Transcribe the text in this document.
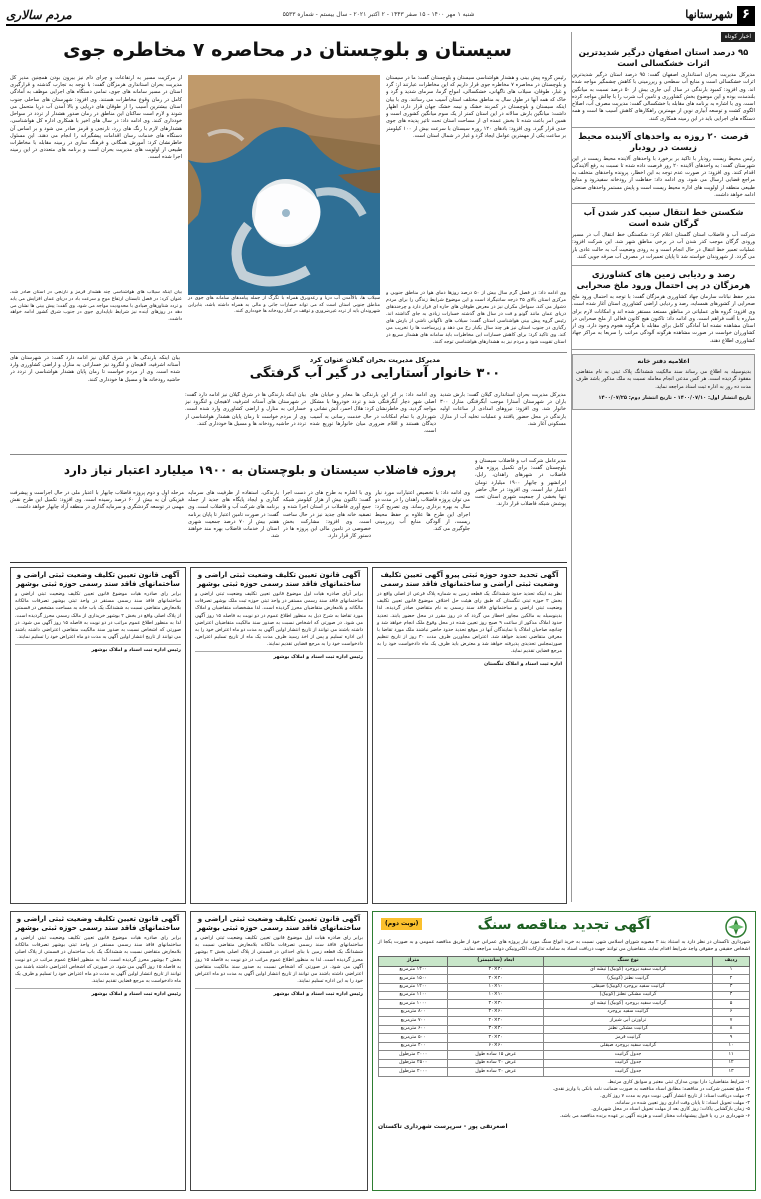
۶
شهرستانها
شنبه ۱ مهر ۱۴۰۰ - ۱۵ صفر ۱۴۴۳ - ۲ اکتبر ۲۰۲۱ - سال بیستم - شماره ۵۵۳۳
مردم سالاری
اخبار کوتاه
۹۵ درصد استان اصفهان درگیر شدیدترین اثرات خشکسالی است
مدیرکل مدیریت بحران استانداری اصفهان گفت: ۹۵ درصد استان درگیر شدیدترین اثرات خشکسالی است و منابع آب سطحی و زیرزمینی با کاهش چشمگیر مواجه شده اند. وی افزود: کمبود بارندگی در سال آبی جاری بیش از ۵۰ درصد نسبت به میانگین بلندمدت بوده و این موضوع بخش کشاورزی و تامین آب شرب را با چالش مواجه کرده است. وی با اشاره به برنامه های مقابله با خشکسالی گفت: مدیریت مصرف آب، اصلاح الگوی کشت و توسعه آبیاری نوین از مهمترین راهکارهای کاهش آسیب ها است و همه دستگاه های اجرایی باید در این زمینه همکاری کنند.
فرصت ۲۰ روزه به واحدهای آلاینده محیط زیست در رودبار
رئیس محیط زیست رودبار با تاکید بر برخورد با واحدهای آلاینده محیط زیست در این شهرستان گفت: به واحدهای آلاینده ۲۰ روز فرصت داده شده تا نسبت به رفع آلایندگی اقدام کنند. وی افزود: در صورت عدم توجه به این اخطار، پرونده واحدهای متخلف به مراجع قضایی ارسال می شود. وی ادامه داد: حفاظت از رودخانه سفیدرود و منابع طبیعی منطقه از اولویت های اداره محیط زیست است و پایش مستمر واحدهای صنعتی ادامه خواهد داشت.
شکستن خط انتقال سیب کدر شدن آب گرگان شده است
شرکت آب و فاضلاب استان گلستان اعلام کرد: شکستگی خط انتقال آب در مسیر ورودی گرگان موجب کدر شدن آب در برخی مناطق شهر شد. این شرکت افزود: عملیات تعمیر خط انتقال در حال انجام است و به زودی وضعیت آب به حالت عادی باز می گردد. از شهروندان خواسته شد تا پایان تعمیرات در مصرف آب صرفه جویی کنند.
رصد و ردیابی زمین های کشاورزی هرمزگان در پی احتمال ورود ملخ صحرایی
مدیر حفظ نباتات سازمان جهاد کشاورزی هرمزگان گفت: با توجه به احتمال ورود ملخ صحرایی از کشورهای همسایه، رصد و ردیابی اراضی کشاورزی استان آغاز شده است. وی افزود: گروه های عملیاتی در مناطق مستعد مستقر شده اند و امکانات لازم برای مبارزه با آفت فراهم است. وی ادامه داد: تاکنون هیچ کانون فعالی از ملخ صحرایی در استان مشاهده نشده اما آمادگی کامل برای مقابله با هرگونه هجوم وجود دارد. وی از کشاورزان خواست در صورت مشاهده هرگونه آلودگی مراتب را سریعا به مراکز جهاد کشاورزی اطلاع دهند.
اعلامیه دفتر خانه
بدینوسیله به اطلاع می رساند سند مالکیت ششدانگ پلاک ثبتی به نام متقاضی مفقود گردیده است. هر کس مدعی انجام معامله نسبت به ملک مذکور باشد ظرف مدت ده روز به اداره ثبت اسناد مراجعه نماید.
تاریخ انتشار اول: ۱۴۰۰/۰۷/۱۰ - تاریخ انتشار دوم: ۱۴۰۰/۰۷/۲۵
سیستان و بلوچستان در محاصره ۷ مخاطره جوی
رئیس گروه پیش بینی و هشدار هواشناسی سیستان و بلوچستان گفت: ما در سیستان و بلوچستان در محاصره ۷ مخاطره جوی قرار داریم که این مخاطرات عبارتند از: گرد و غبار، طوفان، سیلاب های ناگهانی، خشکسالی، امواج گرما، سرمای شدید و گرد و خاک که همه آنها در طول سال به مناطق مختلف استان آسیب می رسانند. وی با بیان اینکه سیستان و بلوچستان در کمربند خشک و نیمه خشک جهان قرار دارد، اظهار داشت: میانگین بارش سالانه در این استان کمتر از یک سوم میانگین کشوری است و همین امر باعث شده تا بخش عمده ای از مساحت استان تحت تاثیر پدیده های جوی حدی قرار گیرد. وی افزود: بادهای ۱۲۰ روزه سیستان با سرعت بیش از ۱۰۰ کیلومتر بر ساعت یکی از مهمترین عوامل ایجاد گرد و غبار در شمال استان است.
از مرکزیت مسیر به ارتفاعات و چرای دام نیز بیرون بودن همچنین مدیر کل مدیریت بحران استانداری هرمزگان گفت: با توجه به تجارب گذشته و قرارگیری استان در مسیر سامانه های جوی، تمامی دستگاه های اجرایی موظف به آمادگی کامل در زمان وقوع مخاطرات هستند. وی افزود: شهرستان های ساحلی جنوب استان بیشترین آسیب را از طوفان های دریایی و بالا آمدن آب دریا متحمل می شوند و لازم است ساکنان این مناطق در زمان صدور هشدار از تردد در سواحل خودداری کنند. وی ادامه داد: در سال های اخیر با همکاری اداره کل هواشناسی، هشدارهای لازم با رنگ های زرد، نارنجی و قرمز صادر می شود و بر اساس آن دستگاه های خدمات رسان اقدامات پیشگیرانه را انجام می دهند. این مسئول خاطرنشان کرد: آموزش همگانی و فرهنگ سازی در زمینه مقابله با مخاطرات طبیعی از اولویت های مدیریت بحران است و برنامه های متعددی در این زمینه اجرا شده است.
سیلاب ها، بالاآمدن آب دریا و رعدوبرق همراه با تگرگ از جمله پیامدهای سامانه های جوی در مناطق جنوبی استان است که می تواند خسارات جانی و مالی به همراه داشته باشد، بنابراین شهروندان باید از تردد غیرضروری و توقف در کنار رودخانه ها خودداری کنند.
وی ادامه داد: در فصل گرم سال بیش از ۵۰ درصد روزها دمای هوا در مناطق جنوبی و مرکزی استان بالای ۴۵ درجه سانتیگراد است و این موضوع شرایط زندگی را برای مردم دشوار می کند. سواحل مکران نیز در معرض طوفان های حاره ای قرار دارد و چرخندهای دریای عمان مانند گونو و فت در سال های گذشته خسارات زیادی به جای گذاشته اند. رئیس گروه پیش بینی هواشناسی استان گفت: سیلاب های ناگهانی ناشی از بارش های رگباری در جنوب استان نیز هر چند سال یکبار رخ می دهد و زیرساخت ها را تخریب می کند. وی تاکید کرد: برای کاهش خسارات این مخاطرات باید سامانه های هشدار سریع در استان تقویت شود و مردم نیز به هشدارهای هواشناسی توجه کنند.
بیان اینکه سیلاب های هواشناسی چند هشدار قرمز و نارنجی در استان صادر شد، عنوان کرد: در فصل تابستان ارتفاع موج و سرعت باد در دریای عمان افزایش می یابد و تردد شناورهای صیادی با محدودیت مواجه می شود. وی گفت: پیش بینی ها نشان می دهد در روزهای آینده نیز شرایط ناپایداری جوی در جنوب شرق کشور ادامه خواهد داشت.
مدیرکل مدیریت بحران گیلان عنوان کرد
۳۰۰ خانوار آستارایی در گیر آب گرفتگی
بیان اینکه بارندگی ها در شرق گیلان نیز ادامه دارد گفت: در شهرستان های آستانه اشرفیه، لاهیجان و لنگرود نیز خساراتی به منازل و اراضی کشاورزی وارد شده است. وی از مردم خواست تا زمان پایان هشدار هواشناسی از تردد در حاشیه رودخانه ها و مسیل ها خودداری کنند.
مدیرکل مدیریت بحران استانداری گیلان گفت: بارش شدید باران در شهرستان آستارا موجب آبگرفتگی منازل ۳۰۰ خانوار شد. وی افزود: نیروهای امدادی از ساعات اولیه بارندگی در محل حضور یافتند و عملیات تخلیه آب از منازل مسکونی آغاز شد.
وی ادامه داد: بر اثر این بارندگی ها معابر و خیابان های اصلی شهر دچار آبگرفتگی شد و تردد خودروها با مشکل مواجه گردید. وی خاطرنشان کرد: هلال احمر، آتش نشانی و شهرداری با تمام امکانات در حال خدمت رسانی به آسیب دیدگان هستند و اقلام ضروری میان خانوارها توزیع شده است.
بیان اینکه بارندگی ها در شرق گیلان نیز ادامه دارد گفت: در شهرستان های آستانه اشرفیه، لاهیجان و لنگرود نیز خساراتی به منازل و اراضی کشاورزی وارد شده است. وی از مردم خواست تا زمان پایان هشدار هواشناسی از تردد در حاشیه رودخانه ها و مسیل ها خودداری کنند.
پروژه فاضلاب سیستان و بلوچستان به ۱۹۰۰ میلیارد اعتبار نیاز دارد
مدیرعامل شرکت آب و فاضلاب سیستان و بلوچستان گفت: برای تکمیل پروژه های فاضلاب در شهرهای زاهدان، زابل، ایرانشهر و چابهار ۱۹۰۰ میلیارد تومان اعتبار نیاز است. وی افزود: در حال حاضر تنها بخشی از جمعیت شهری استان تحت پوشش شبکه فاضلاب قرار دارند.
وی ادامه داد: با تخصیص اعتبارات مورد نیاز می توان پروژه فاضلاب زاهدان را در مدت دو سال به بهره برداری رساند. وی تصریح کرد: اجرای این طرح ها علاوه بر حفظ محیط زیست، از آلودگی منابع آب زیرزمینی جلوگیری می کند.
وی با اشاره به طرح های در دست اجرا گفت: تاکنون بیش از هزار کیلومتر شبکه جمع آوری فاضلاب در استان اجرا شده و تصفیه خانه های جدید نیز در حال ساخت است. وی افزود: مشارکت بخش خصوصی در تامین مالی این پروژه ها در دستور کار قرار دارد.
بارندگی، استفاده از ظرفیت های سرمایه گذاری و ایجاد پایگاه های جدید از جمله برنامه های شرکت آب و فاضلاب است. وی گفت: در صورت تامین اعتبار تا پایان برنامه هفتم بیش از ۷۰ درصد جمعیت شهری استان از خدمات فاضلاب بهره مند خواهند شد.
مرحله اول و دوم پروژه فاضلاب چابهار با اعتبار ملی در حال اجراست و پیشرفت فیزیکی آن به بیش از ۶۰ درصد رسیده است. وی افزود: تکمیل این طرح نقش مهمی در توسعه گردشگری و سرمایه گذاری در منطقه آزاد چابهار خواهد داشت.
آگهی تحدید حدود حوزه ثبتی پیرو آگهی تعیین تکلیف وضعیت ثبتی اراضی و ساختمانهای فاقد سند رسمی
نظر به اینکه تحدید حدود ششدانگ یک قطعه زمین به شماره پلاک فرعی از اصلی واقع در بخش ۲ حوزه ثبتی تنگستان که طبق رای هیئت حل اختلاف موضوع قانون تعیین تکلیف وضعیت ثبتی اراضی و ساختمانهای فاقد سند رسمی به نام متقاضی صادر گردیده، لذا بدینوسیله به مالکین مجاور اخطار می گردد که در روز مقرر در محل حضور یابند. تحدید حدود املاک مذکور از ساعت ۹ صبح روز تعیین شده در محل وقوع ملک انجام خواهد شد و چنانچه صاحبان املاک یا نمایندگان آنها در موقع تحدید حدود حاضر نباشند ملک مورد تقاضا با معرفی متقاضی تحدید خواهد شد. اعتراض مجاورین ظرف مدت ۳۰ روز از تاریخ تنظیم صورتمجلس تحدیدی پذیرفته خواهد شد و معترض باید ظرف یک ماه دادخواست خود را به مرجع قضایی تقدیم نماید.
اداره ثبت اسناد و املاک تنگستان
آگهی قانون تعیین تکلیف وضعیت ثبتی اراضی و ساختمانهای فاقد سند رسمی حوزه ثبتی بوشهر
برابر آرای صادره هیات اول موضوع قانون تعیین تکلیف وضعیت ثبتی اراضی و ساختمانهای فاقد سند رسمی مستقر در واحد ثبتی حوزه ثبت ملک بوشهر تصرفات مالکانه و بلامعارض متقاضیان محرز گردیده است. لذا مشخصات متقاضیان و املاک مورد تقاضا به شرح ذیل به منظور اطلاع عموم در دو نوبت به فاصله ۱۵ روز آگهی می شود. در صورتی که اشخاص نسبت به صدور سند مالکیت متقاضیان اعتراضی داشته باشند می توانند از تاریخ انتشار اولین آگهی به مدت دو ماه اعتراض خود را به این اداره تسلیم و پس از اخذ رسید ظرف مدت یک ماه از تاریخ تسلیم اعتراض، دادخواست خود را به مرجع قضایی تقدیم نمایند.
رئیس اداره ثبت اسناد و املاک بوشهر
آگهی قانون تعیین تکلیف وضعیت ثبتی اراضی و ساختمانهای فاقد سند رسمی حوزه ثبتی بوشهر
برابر رای صادره هیات موضوع قانون تعیین تکلیف وضعیت ثبتی اراضی و ساختمانهای فاقد سند رسمی مستقر در واحد ثبتی بوشهر تصرفات مالکانه بلامعارض متقاضی نسبت به ششدانگ یک باب خانه به مساحت مشخص در قسمتی از پلاک اصلی واقع در بخش ۲ بوشهر خریداری از مالک رسمی محرز گردیده است. لذا به منظور اطلاع عموم مراتب در دو نوبت به فاصله ۱۵ روز آگهی می شود. در صورتی که اشخاص نسبت به صدور سند مالکیت متقاضی اعتراضی داشته باشند می توانند از تاریخ انتشار اولین آگهی به مدت دو ماه اعتراض خود را تسلیم نمایند.
رئیس اداره ثبت اسناد و املاک بوشهر
آگهی قانون تعیین تکلیف وضعیت ثبتی اراضی و ساختمانهای فاقد سند رسمی حوزه ثبتی بوشهر
برابر رای صادره هیات اول موضوع قانون تعیین تکلیف وضعیت ثبتی اراضی و ساختمانهای فاقد سند رسمی تصرفات مالکانه بلامعارض متقاضی نسبت به ششدانگ یک قطعه زمین با بنای احداثی در قسمتی از پلاک اصلی بخش ۲ بوشهر محرز گردیده است. لذا به منظور اطلاع عموم مراتب در دو نوبت به فاصله ۱۵ روز آگهی می شود. در صورتی که اشخاص نسبت به صدور سند مالکیت متقاضی اعتراضی داشته باشند می توانند از تاریخ انتشار اولین آگهی به مدت دو ماه اعتراض خود را به این اداره تسلیم نمایند.
رئیس اداره ثبت اسناد و املاک بوشهر
آگهی قانون تعیین تکلیف وضعیت ثبتی اراضی و ساختمانهای فاقد سند رسمی حوزه ثبتی بوشهر
برابر رای صادره هیات موضوع قانون تعیین تکلیف وضعیت ثبتی اراضی و ساختمانهای فاقد سند رسمی مستقر در واحد ثبتی بوشهر تصرفات مالکانه بلامعارض متقاضی نسبت به ششدانگ یک باب ساختمان در قسمتی از پلاک اصلی بخش ۲ بوشهر محرز گردیده است. لذا به منظور اطلاع عموم مراتب در دو نوبت به فاصله ۱۵ روز آگهی می شود. در صورتی که اشخاص اعتراضی داشته باشند می توانند از تاریخ انتشار اولین آگهی به مدت دو ماه اعتراض خود را تسلیم و ظرف یک ماه دادخواست به مرجع قضایی تقدیم نمایند.
رئیس اداره ثبت اسناد و املاک بوشهر
(نوبت دوم)	آگهی تجدید مناقصه سنگ
شهرداری تاکستان در نظر دارد به استناد بند ۲ مصوبه شورای اسلامی شهر، نسبت به خرید انواع سنگ مورد نیاز پروژه های عمرانی خود از طریق مناقصه عمومی و به صورت یکجا از اشخاص حقیقی و حقوقی واجد شرایط اقدام نماید. متقاضیان می توانند جهت دریافت اسناد به سامانه تدارکات الکترونیکی دولت مراجعه نمایند.
ردیف	نوع سنگ	ابعاد (سانتیمتر)	متراژ
۱	گرانیت سفید بروجرد (کوبیک) تیشه ای	۴۰×۴۰	۱۴۰۰ مترمربع
۲	گرانیت نطنز (کوبیک)	۴۰×۴۰	۱۵۰۰ مترمربع
۳	گرانیت سفید بروجرد (کوبیک) صیقلی	۱۰×۱۰	۱۲۰۰ مترمربع
۴	گرانیت مشکی نطنز (کوبیک)	۱۰×۱۰	۱۱۰۰ مترمربع
۵	گرانیت سفید بروجرد (کوبیک) تیشه ای	۳۰×۳۰	۱۰۰۰ مترمربع
۶	گرانیت سفید بروجرد	۶۰×۴۰	۸۰۰ مترمربع
۷	تراورتن آبی شیراز	۲۰×۲۰	۷۰۰ مترمربع
۸	گرانیت مشکی نطنز	۴۰×۳۰	۶۰۰ مترمربع
۹	گرانیت قرمز	۴۰×۴۰	۵۰۰ مترمربع
۱۰	گرانیت سفید بروجرد صیقلی	۶۰×۶۰	۴۰۰ مترمربع
۱۱	جدول گرانیت	عرض ۱۵ ساده طول	۳۰۰۰ مترطول
۱۲	جدول گرانیت	عرض ۲۰ ساده طول	۲۵۰۰ مترطول
۱۳	جدول گرانیت	عرض ۳۰ ساده طول	۲۰۰۰ مترطول
۱- شرایط متقاضیان: دارا بودن مدارک ثبتی معتبر و سوابق کاری مرتبط.
۲- مبلغ تضمین شرکت در مناقصه: مطابق اسناد مناقصه به صورت ضمانت نامه بانکی یا واریز نقدی.
۳- مهلت دریافت اسناد: از تاریخ انتشار آگهی نوبت دوم به مدت ۷ روز کاری.
۴- مهلت تحویل اسناد: تا پایان وقت اداری روز تعیین شده در سامانه.
۵- زمان بازگشایی پاکات: روز کاری بعد از مهلت تحویل اسناد در محل شهرداری.
۶- شهرداری در رد یا قبول پیشنهادات مختار است و هزینه آگهی بر عهده برنده مناقصه می باشد.
اصغرتقی پور - سرپرست شهرداری تاکستان
